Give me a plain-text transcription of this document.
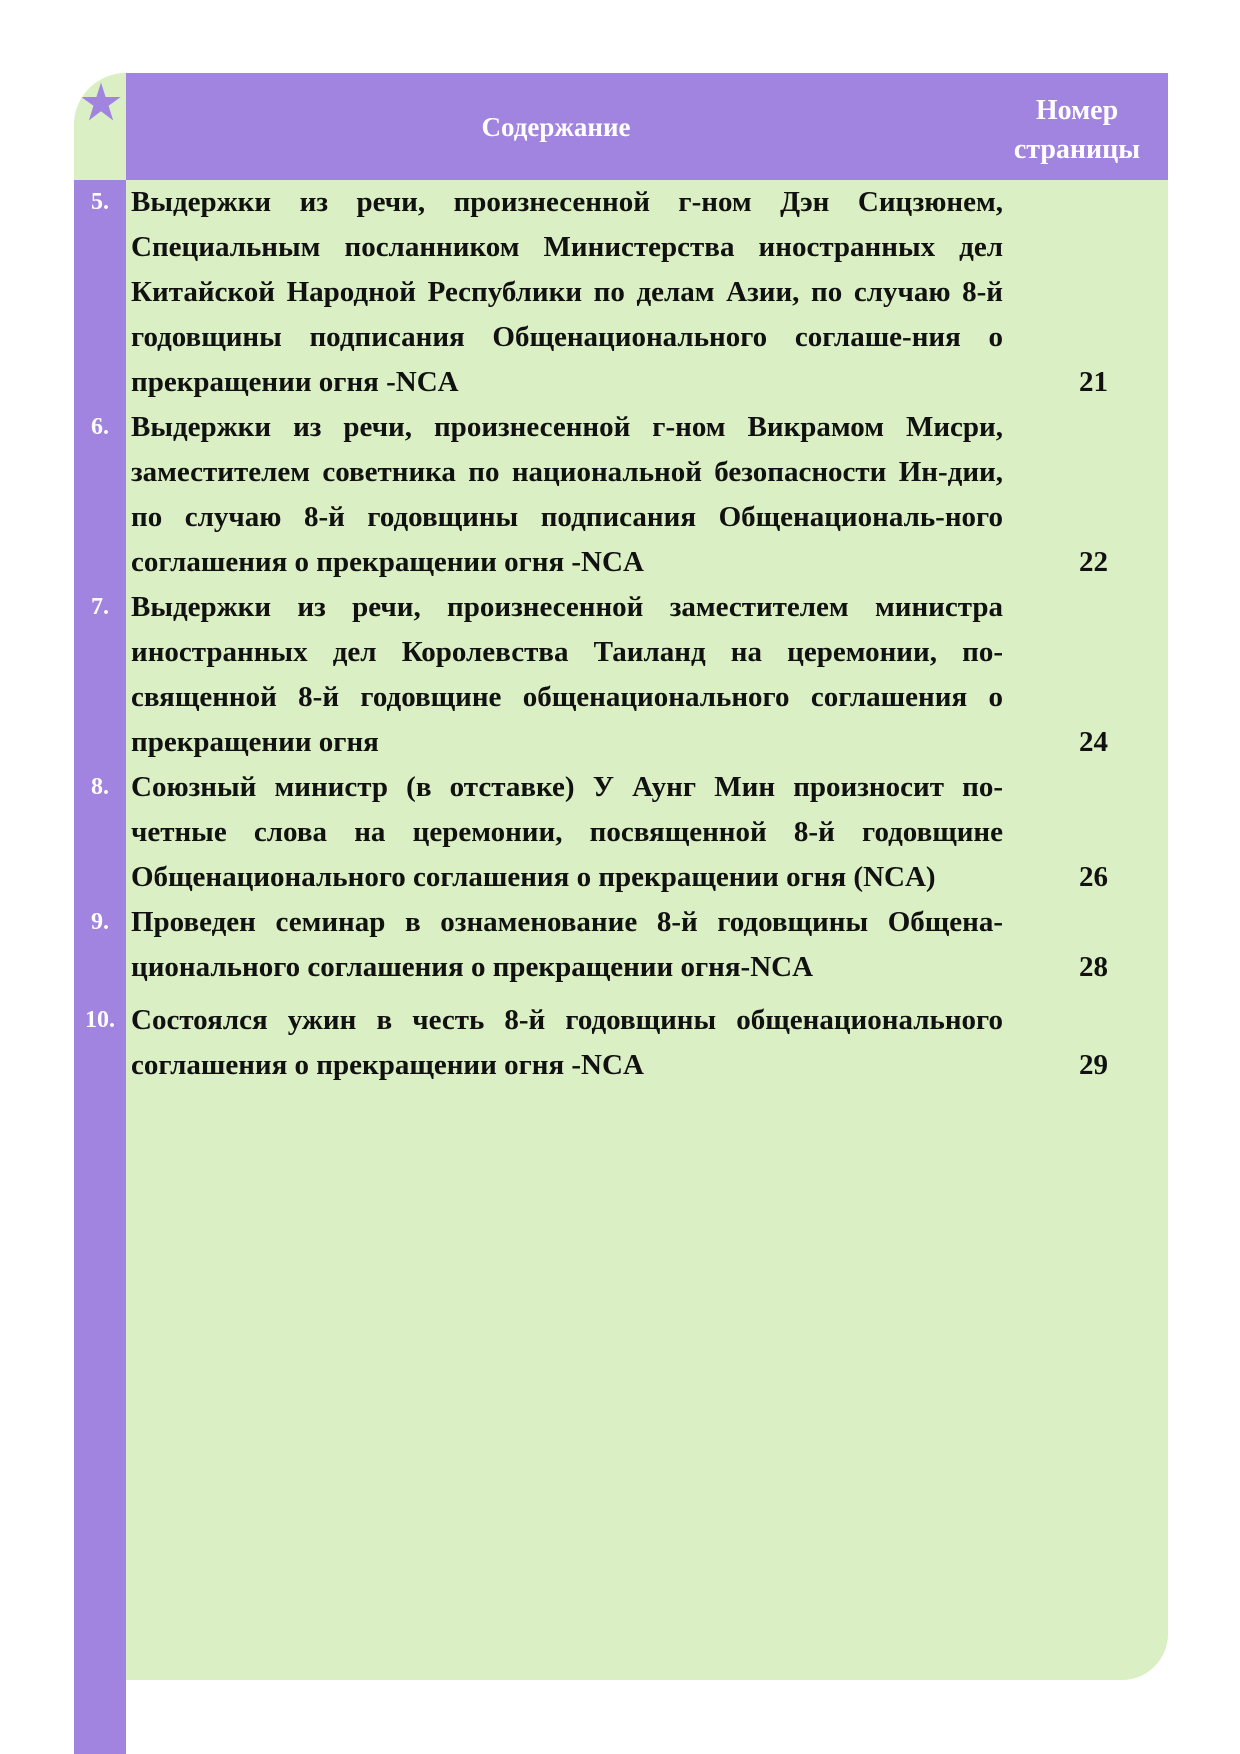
Содержание
Номер страницы
5. Выдержки из речи, произнесенной г-ном Дэн Сицзюнем, Специальным посланником Министерства иностранных дел Китайской Народной Республики по делам Азии, по случаю 8-й годовщины подписания Общенационального соглаше-ния о прекращении огня -NCA	21
6. Выдержки из речи, произнесенной г-ном Викрамом Мисри, заместителем советника по национальной безопасности Ин-дии, по случаю 8-й годовщины подписания Общенациональ-ного соглашения о прекращении огня -NCA	22
7. Выдержки из речи, произнесенной заместителем министра иностранных дел Королевства Таиланд на церемонии, по-священной 8-й годовщине общенационального соглашения о прекращении огня	24
8. Союзный министр (в отставке) У Аунг Мин произносит по-четные слова на церемонии, посвященной 8-й годовщине Общенационального соглашения о прекращении огня (NCA)	26
9. Проведен семинар в ознаменование 8-й годовщины Общена-ционального соглашения о прекращении огня-NCA	28
10. Состоялся ужин в честь 8-й годовщины общенационального соглашения о прекращении огня -NCA	29
